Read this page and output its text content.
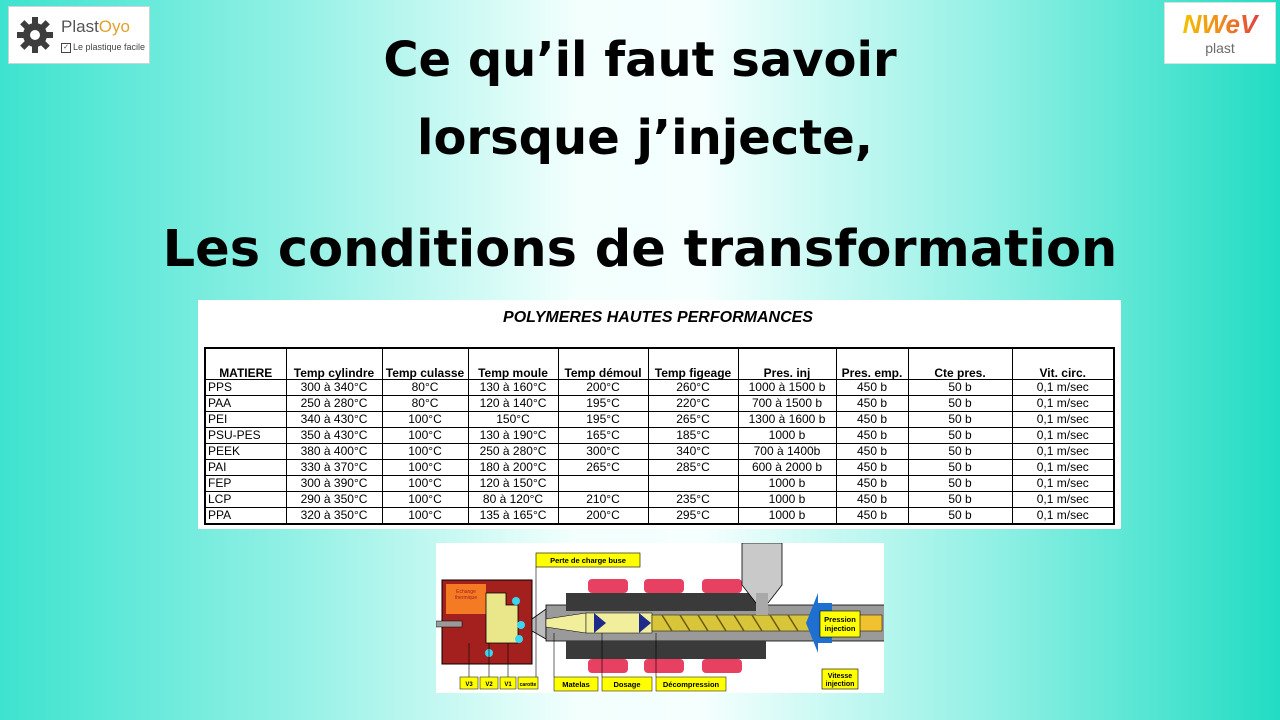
PlastOyo
✓ Le plastique facile
NWeV
plast
Ce qu’il faut savoir
lorsque j’injecte,
Les conditions de transformation
POLYMERES HAUTES PERFORMANCES
MATIERE	Temp cylindre	Temp culasse	Temp moule	Temp démoul	Temp figeage	Pres. inj	Pres. emp.	Cte pres.	Vit. circ.
PPS	300 à 340°C	80°C	130 à 160°C	200°C	260°C	1000 à 1500 b	450 b	50 b	0,1 m/sec
PAA	250 à 280°C	80°C	120 à 140°C	195°C	220°C	700 à 1500 b	450 b	50 b	0,1 m/sec
PEI	340 à 430°C	100°C	150°C	195°C	265°C	1300 à 1600 b	450 b	50 b	0,1 m/sec
PSU-PES	350 à 430°C	100°C	130 à 190°C	165°C	185°C	1000 b	450 b	50 b	0,1 m/sec
PEEK	380 à 400°C	100°C	250 à 280°C	300°C	340°C	700 à 1400b	450 b	50 b	0,1 m/sec
PAI	330 à 370°C	100°C	180 à 200°C	265°C	285°C	600 à 2000 b	450 b	50 b	0,1 m/sec
FEP	300 à 390°C	100°C	120 à 150°C			1000 b	450 b	50 b	0,1 m/sec
LCP	290 à 350°C	100°C	80 à 120°C	210°C	235°C	1000 b	450 b	50 b	0,1 m/sec
PPA	320 à 350°C	100°C	135 à 165°C	200°C	295°C	1000 b	450 b	50 b	0,1 m/sec
Echange thermique
Pression injection
Vitesse injection
Perte de charge buse
V3 V2 V1 carotte	Matelas	Dosage	Décompression
